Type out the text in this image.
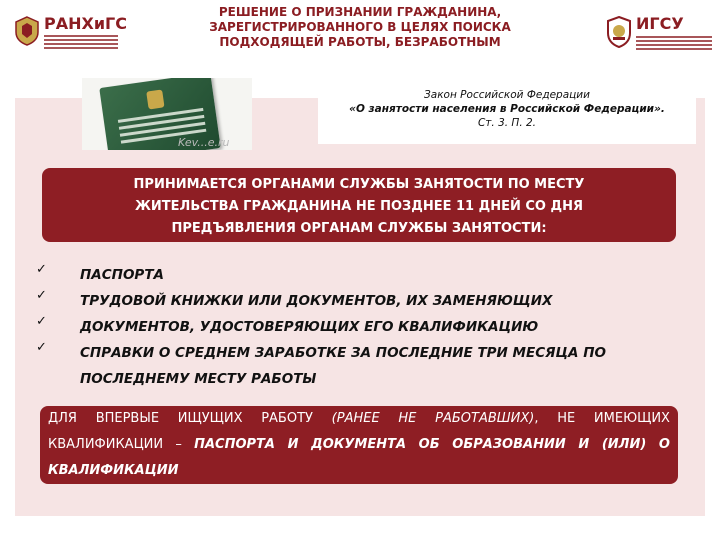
РАНХиГС
РЕШЕНИЕ О ПРИЗНАНИИ ГРАЖДАНИНА,
ЗАРЕГИСТРИРОВАННОГО В ЦЕЛЯХ ПОИСКА
ПОДХОДЯЩЕЙ РАБОТЫ, БЕЗРАБОТНЫМ
ИГСУ
Kev...e.ru
Закон Российской Федерации
«О занятости населения в Российской Федерации».
Ст. 3. П. 2.
ПРИНИМАЕТСЯ ОРГАНАМИ СЛУЖБЫ ЗАНЯТОСТИ ПО МЕСТУ
ЖИТЕЛЬСТВА ГРАЖДАНИНА НЕ ПОЗДНЕЕ 11 ДНЕЙ СО ДНЯ
ПРЕДЪЯВЛЕНИЯ ОРГАНАМ СЛУЖБЫ ЗАНЯТОСТИ:
✓ ПАСПОРТА
✓ ТРУДОВОЙ КНИЖКИ ИЛИ ДОКУМЕНТОВ, ИХ ЗАМЕНЯЮЩИХ
✓ ДОКУМЕНТОВ, УДОСТОВЕРЯЮЩИХ ЕГО КВАЛИФИКАЦИЮ
✓ СПРАВКИ О СРЕДНЕМ ЗАРАБОТКЕ ЗА ПОСЛЕДНИЕ ТРИ МЕСЯЦА ПО ПОСЛЕДНЕМУ МЕСТУ РАБОТЫ
ДЛЯ ВПЕРВЫЕ ИЩУЩИХ РАБОТУ (РАНЕЕ НЕ РАБОТАВШИХ), НЕ ИМЕЮЩИХ КВАЛИФИКАЦИИ – ПАСПОРТА И ДОКУМЕНТА ОБ ОБРАЗОВАНИИ И (ИЛИ) О КВАЛИФИКАЦИИ
